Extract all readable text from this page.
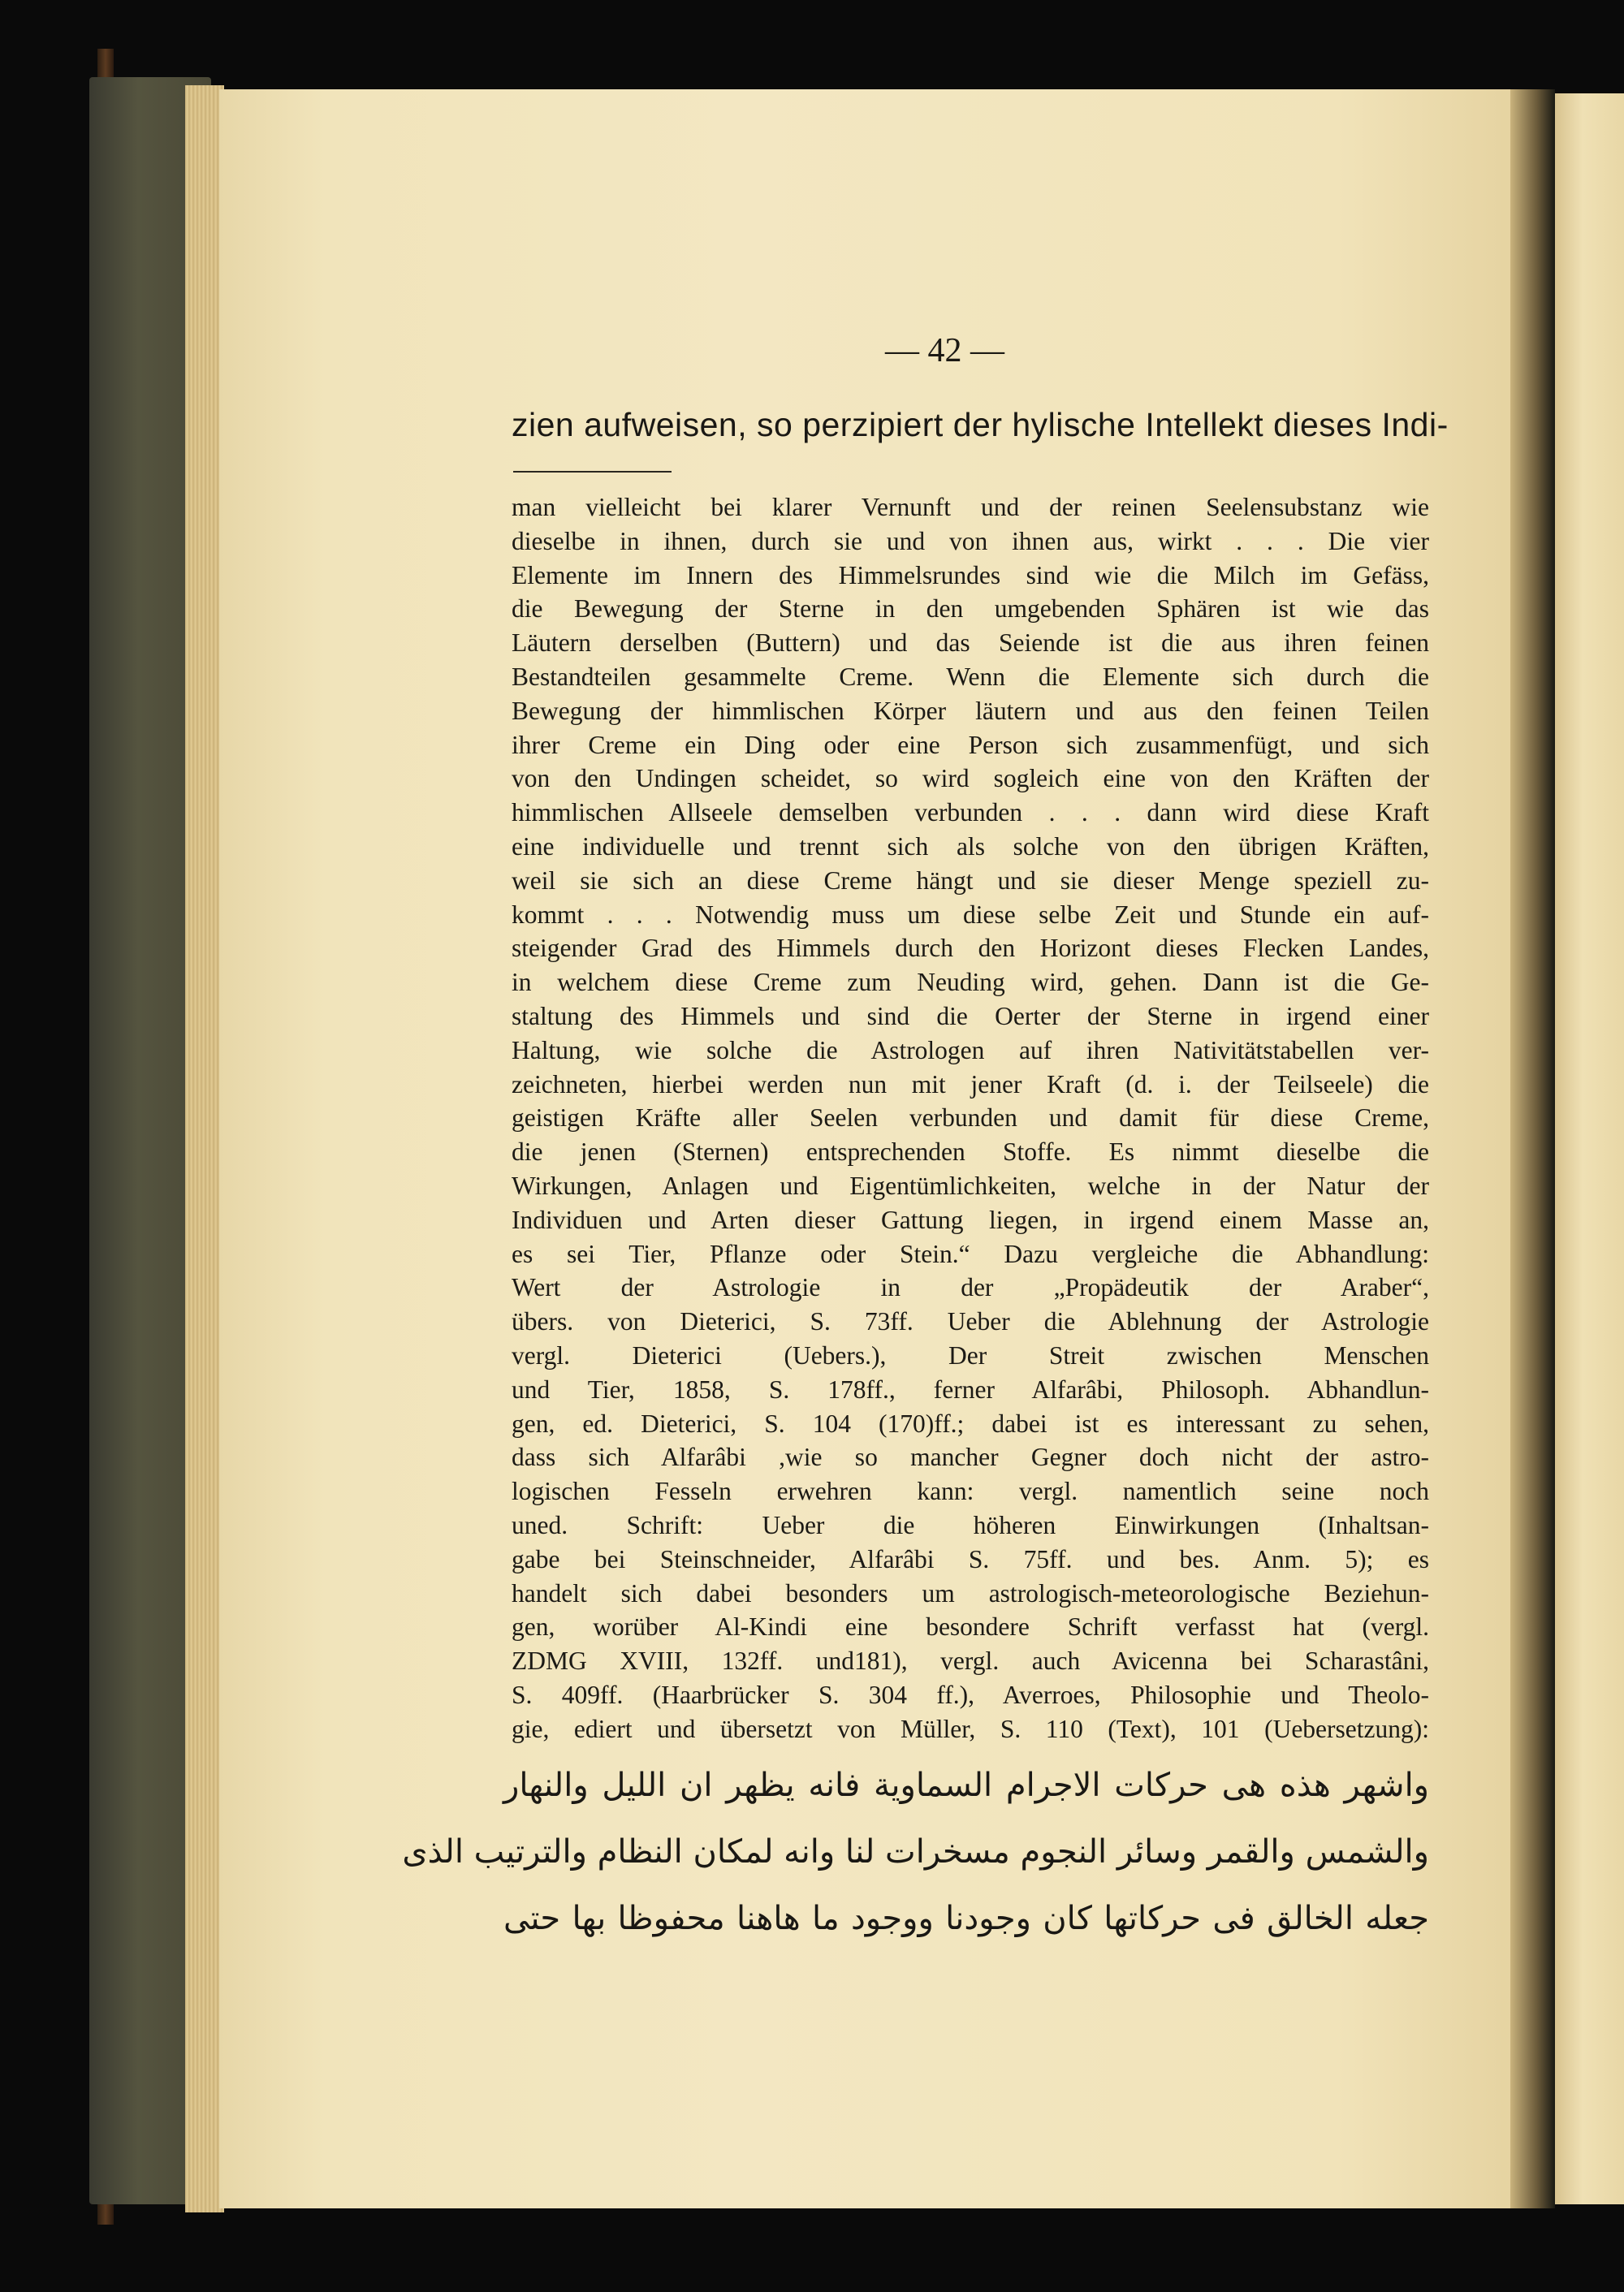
— 42 —
zien aufweisen, so perzipiert der hylische Intellekt dieses Indi-

man vielleicht bei klarer Vernunft und der reinen Seelensubstanz wie

dieselbe in ihnen, durch sie und von ihnen aus, wirkt . . . Die vier

Elemente im Innern des Himmelsrundes sind wie die Milch im Gefäss,

die Bewegung der Sterne in den umgebenden Sphären ist wie das

Läutern derselben (Buttern) und das Seiende ist die aus ihren feinen

Bestandteilen gesammelte Creme. Wenn die Elemente sich durch die

Bewegung der himmlischen Körper läutern und aus den feinen Teilen

ihrer Creme ein Ding oder eine Person sich zusammenfügt, und sich

von den Undingen scheidet, so wird sogleich eine von den Kräften der

himmlischen Allseele demselben verbunden . . . dann wird diese Kraft

eine individuelle und trennt sich als solche von den übrigen Kräften,

weil sie sich an diese Creme hängt und sie dieser Menge speziell zu-

kommt . . . Notwendig muss um diese selbe Zeit und Stunde ein auf-

steigender Grad des Himmels durch den Horizont dieses Flecken Landes,

in welchem diese Creme zum Neuding wird, gehen. Dann ist die Ge-

staltung des Himmels und sind die Oerter der Sterne in irgend einer

Haltung, wie solche die Astrologen auf ihren Nativitätstabellen ver-

zeichneten, hierbei werden nun mit jener Kraft (d. i. der Teilseele) die

geistigen Kräfte aller Seelen verbunden und damit für diese Creme,

die jenen (Sternen) entsprechenden Stoffe. Es nimmt dieselbe die

Wirkungen, Anlagen und Eigentümlichkeiten, welche in der Natur der

Individuen und Arten dieser Gattung liegen, in irgend einem Masse an,

es sei Tier, Pflanze oder Stein.“ Dazu vergleiche die Abhandlung:

Wert der Astrologie in der „Propädeutik der Araber“,

übers. von Dieterici, S. 73ff. Ueber die Ablehnung der Astrologie

vergl. Dieterici (Uebers.), Der Streit zwischen Menschen

und Tier, 1858, S. 178ff., ferner Alfarâbi, Philosoph. Abhandlun-

gen, ed. Dieterici, S. 104 (170)ff.; dabei ist es interessant zu sehen,

dass sich Alfarâbi ,wie so mancher Gegner doch nicht der astro-

logischen Fesseln erwehren kann: vergl. namentlich seine noch

uned. Schrift: Ueber die höheren Einwirkungen (Inhaltsan-

gabe bei Steinschneider, Alfarâbi S. 75ff. und bes. Anm. 5); es

handelt sich dabei besonders um astrologisch-meteorologische Beziehun-

gen, worüber Al-Kindi eine besondere Schrift verfasst hat (vergl.

ZDMG XVIII, 132ff. und181), vergl. auch Avicenna bei Scharastâni,

S. 409ff. (Haarbrücker S. 304 ff.), Averroes, Philosophie und Theolo-

gie, ediert und übersetzt von Müller, S. 110 (Text), 101 (Uebersetzung):

واشهر هذه هى حركات الاجرام السماوية فانه يظهر ان الليل والنهار

والشمس والقمر وسائر النجوم مسخرات لنا وانه لمكان النظام والترتيب الذى

جعله الخالق فى حركاتها كان وجودنا ووجود ما هاهنا محفوظا بها حتى
